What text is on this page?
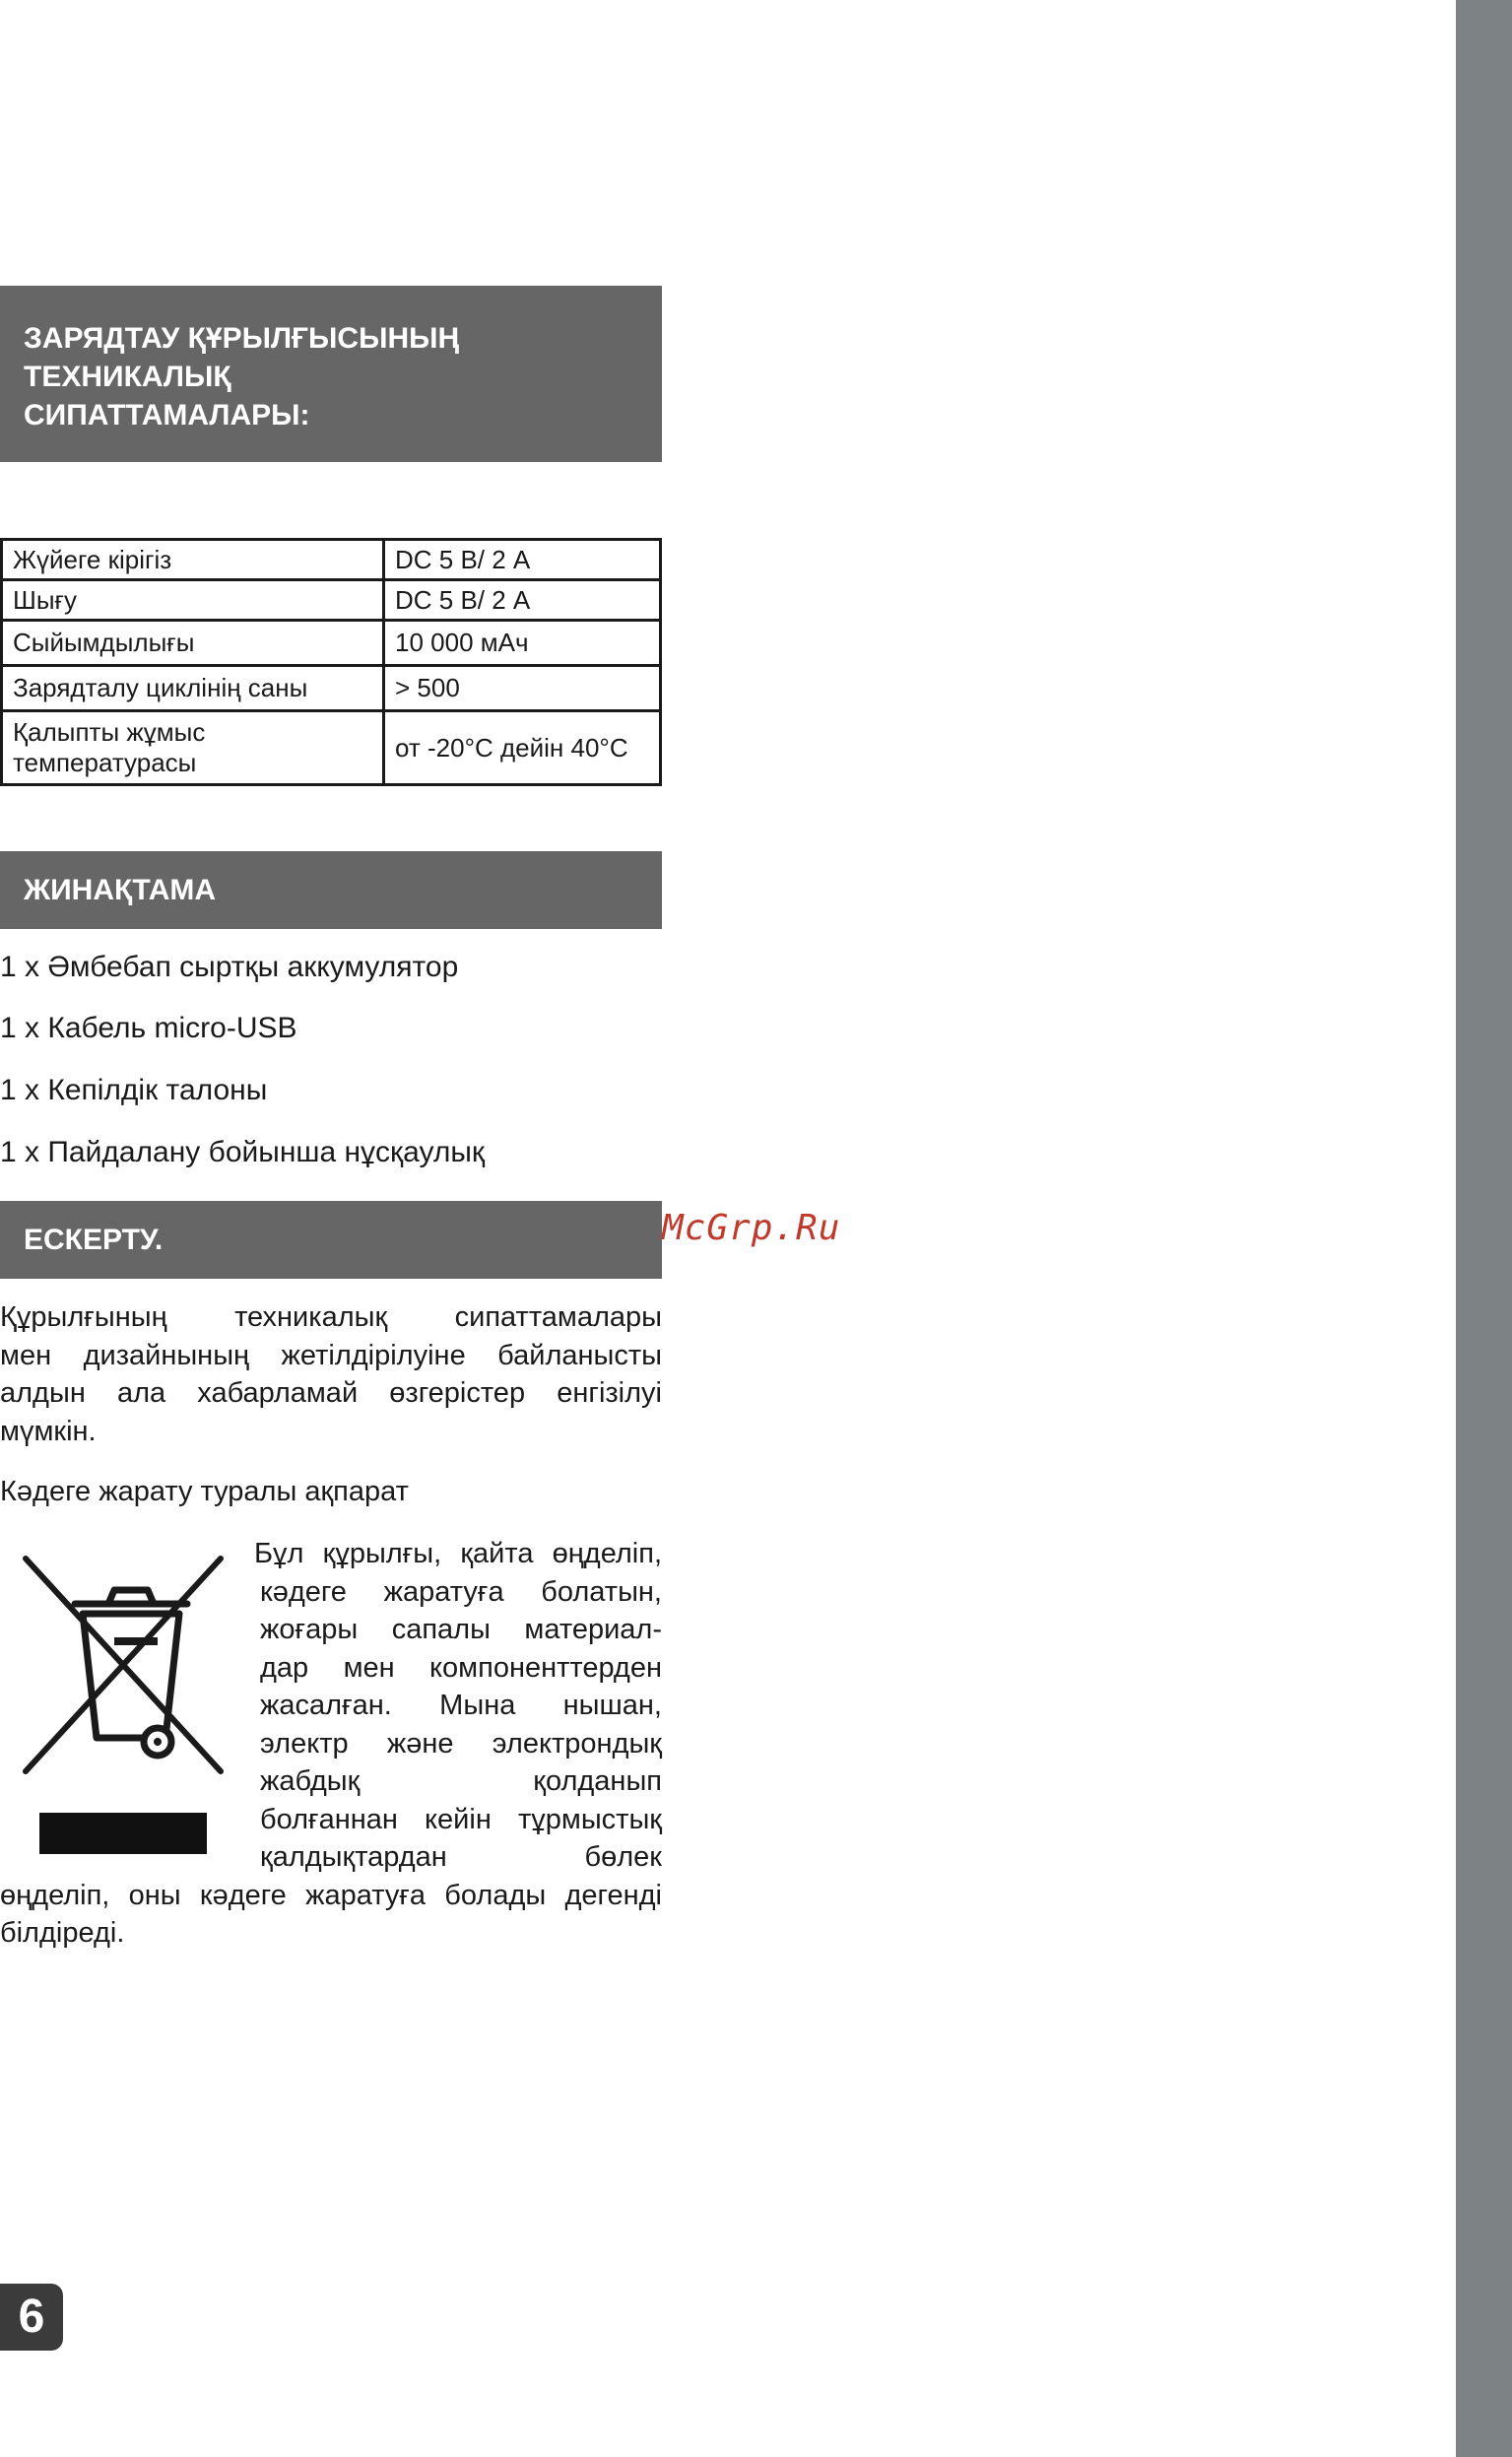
ЗАРЯДТАУ ҚҰРЫЛҒЫСЫНЫҢ
ТЕХНИКАЛЫҚ
СИПАТТАМАЛАРЫ:
Жүйеге кірігіз	DC 5 В/ 2 А
Шығу	DC 5 В/ 2 А
Сыйымдылығы	10 000 мАч
Зарядталу циклінің саны	> 500

Қалыпты жұмыс
температурасы	от -20°C дейін 40°C
ЖИНАҚТАМА
1 х Әмбебап сыртқы аккумулятор
1 х Кабель micro-USB
1 х Кепілдік талоны
1 х Пайдалану бойынша нұсқаулық
ЕСКЕРТУ.	McGrp.Ru
Құрылғының техникалық сипаттамалары
мен дизайнының жетілдірілуіне байланысты
алдын ала хабарламай өзгерістер енгізілуі
мүмкін.
Кәдеге жарату туралы ақпарат
Бұл құрылғы, қайта өңделіп,
кәдеге жаратуға болатын,
жоғары сапалы материал-
дар мен компоненттерден
жасалған. Мына нышан,
электр және электрондық
жабдық қолданып
болғаннан кейін тұрмыстық
қалдықтардан бөлек
өңделіп, оны кәдеге жаратуға болады дегенді
білдіреді.
6
